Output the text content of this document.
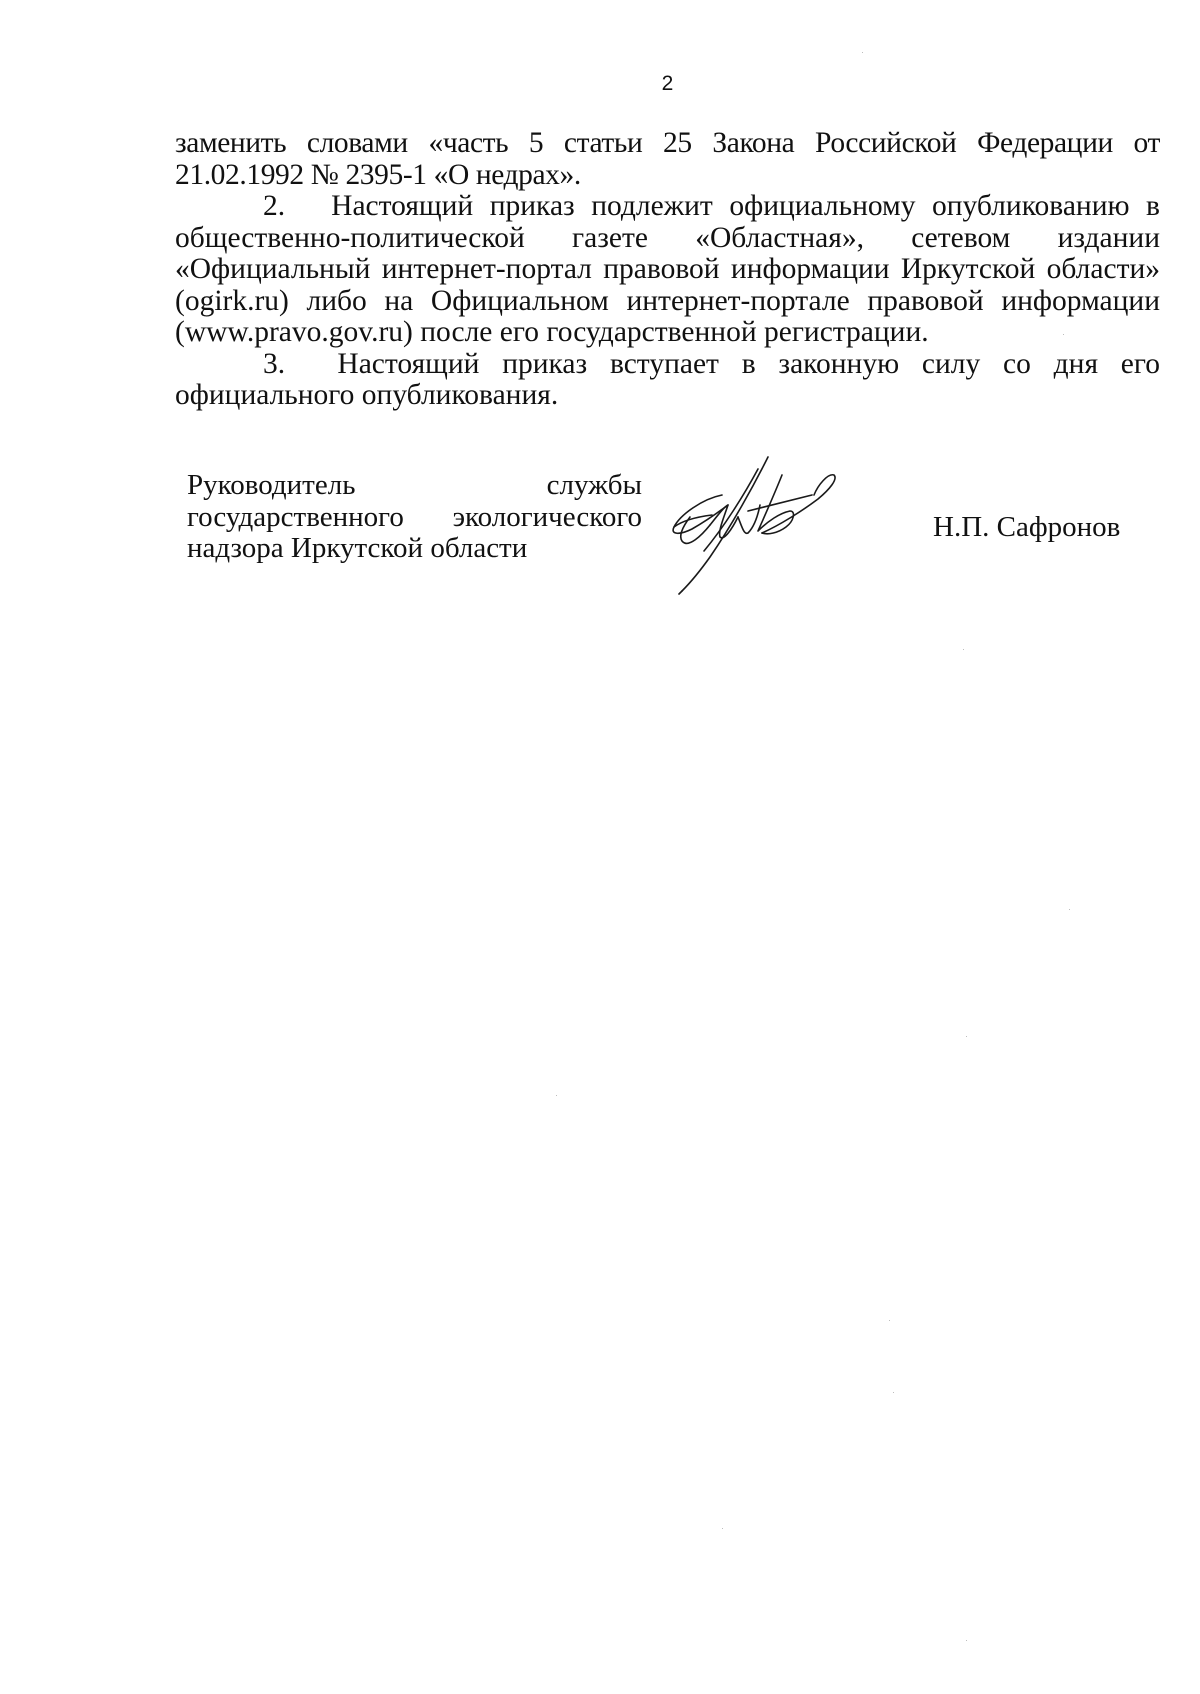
2

заменить словами «часть 5 статьи 25 Закона Российской Федерации от 21.02.1992 № 2395-1 «О недрах».

2.  Настоящий приказ подлежит официальному опубликованию в общественно-политической газете «Областная», сетевом издании «Официальный интернет-портал правовой информации Иркутской области» (ogirk.ru) либо на Официальном интернет-портале правовой информации (www.pravo.gov.ru) после его государственной регистрации.

3.  Настоящий приказ вступает в законную силу со дня его официального опубликования.

Руководитель службы
государственного экологического
надзора Иркутской области
Н.П. Сафронов
